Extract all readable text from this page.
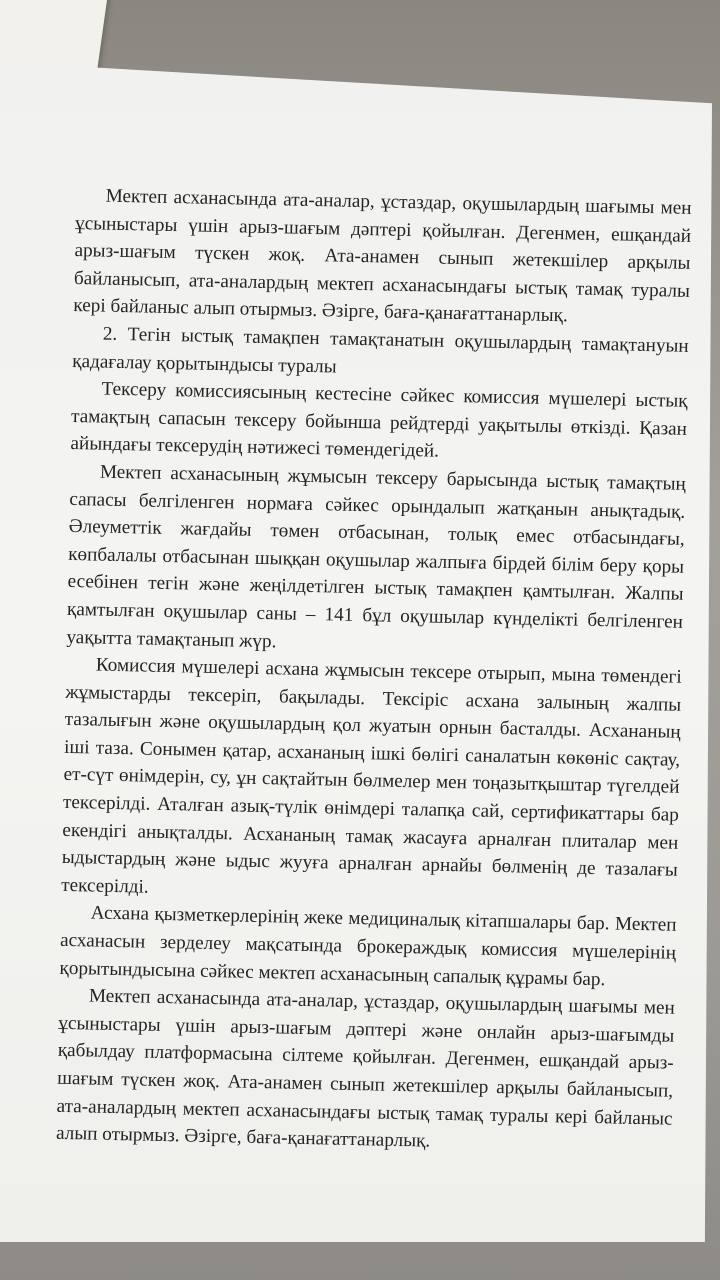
Мектеп асханасында ата-аналар, ұстаздар, оқушылардың шағымы мен ұсыныстары үшін арыз-шағым дәптері қойылған. Дегенмен, ешқандай арыз-шағым түскен жоқ. Ата-анамен сынып жетекшілер арқылы байланысып, ата-аналардың мектеп асханасындағы ыстық тамақ туралы кері байланыс алып отырмыз. Әзірге, баға-қанағаттанарлық.

2. Тегін ыстық тамақпен тамақтанатын оқушылардың тамақтануын қадағалау қорытындысы туралы

Тексеру комиссиясының кестесіне сәйкес комиссия мүшелері ыстық тамақтың сапасын тексеру бойынша рейдтерді уақытылы өткізді. Қазан айындағы тексерудің нәтижесі төмендегідей.

Мектеп асханасының жұмысын тексеру барысында ыстық тамақтың сапасы белгіленген нормаға сәйкес орындалып жатқанын анықтадық. Әлеуметтік жағдайы төмен отбасынан, толық емес отбасындағы, көпбалалы отбасынан шыққан оқушылар жалпыға бірдей білім беру қоры есебінен тегін және жеңілдетілген ыстық тамақпен қамтылған. Жалпы қамтылған оқушылар саны – 141 бұл оқушылар күнделікті белгіленген уақытта тамақтанып жүр.

Комиссия мүшелері асхана жұмысын тексере отырып, мына төмендегі жұмыстарды тексеріп, бақылады. Тексіріс асхана залының жалпы тазалығын және оқушылардың қол жуатын орнын басталды. Асхананың іші таза. Сонымен қатар, асхананың ішкі бөлігі саналатын көкөніс сақтау, ет-сүт өнімдерін, су, ұн сақтайтын бөлмелер мен тоңазытқыштар түгелдей тексерілді. Аталған азық-түлік өнімдері талапқа сай, сертификаттары бар екендігі анықталды. Асхананың тамақ жасауға арналған плиталар мен ыдыстардың және ыдыс жууға арналған арнайы бөлменің де тазалағы тексерілді.

Асхана қызметкерлерінің жеке медициналық кітапшалары бар. Мектеп асханасын зерделеу мақсатында брокераждық комиссия мүшелерінің қорытындысына сәйкес мектеп асханасының сапалық құрамы бар.

Мектеп асханасында ата-аналар, ұстаздар, оқушылардың шағымы мен ұсыныстары үшін арыз-шағым дәптері және онлайн арыз-шағымды қабылдау платформасына сілтеме қойылған. Дегенмен, ешқандай арыз-шағым түскен жоқ. Ата-анамен сынып жетекшілер арқылы байланысып, ата-аналардың мектеп асханасындағы ыстық тамақ туралы кері байланыс алып отырмыз. Әзірге, баға-қанағаттанарлық.
